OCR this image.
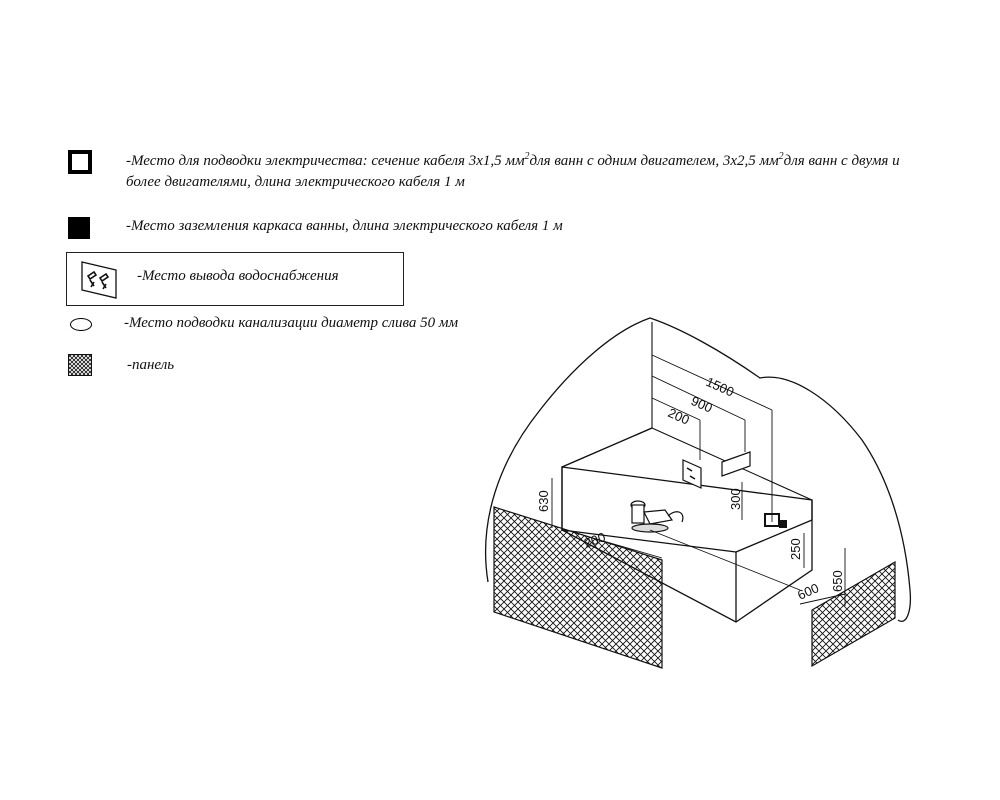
-Место для подводки электричества: сечение кабеля 3х1,5 $мм^2для$ ванн с одним двигателем, 3х2,5 $мм^2для$ ванн с двумя и
более двигателями, длина электрического кабеля 1 м
-Место заземления каркаса ванны, длина электрического кабеля 1 м
-Место вывода водоснабжения
-Место подводки канализации диаметр слива 50 мм
-панель
1500
900
200
630	300
200	250
600 650
